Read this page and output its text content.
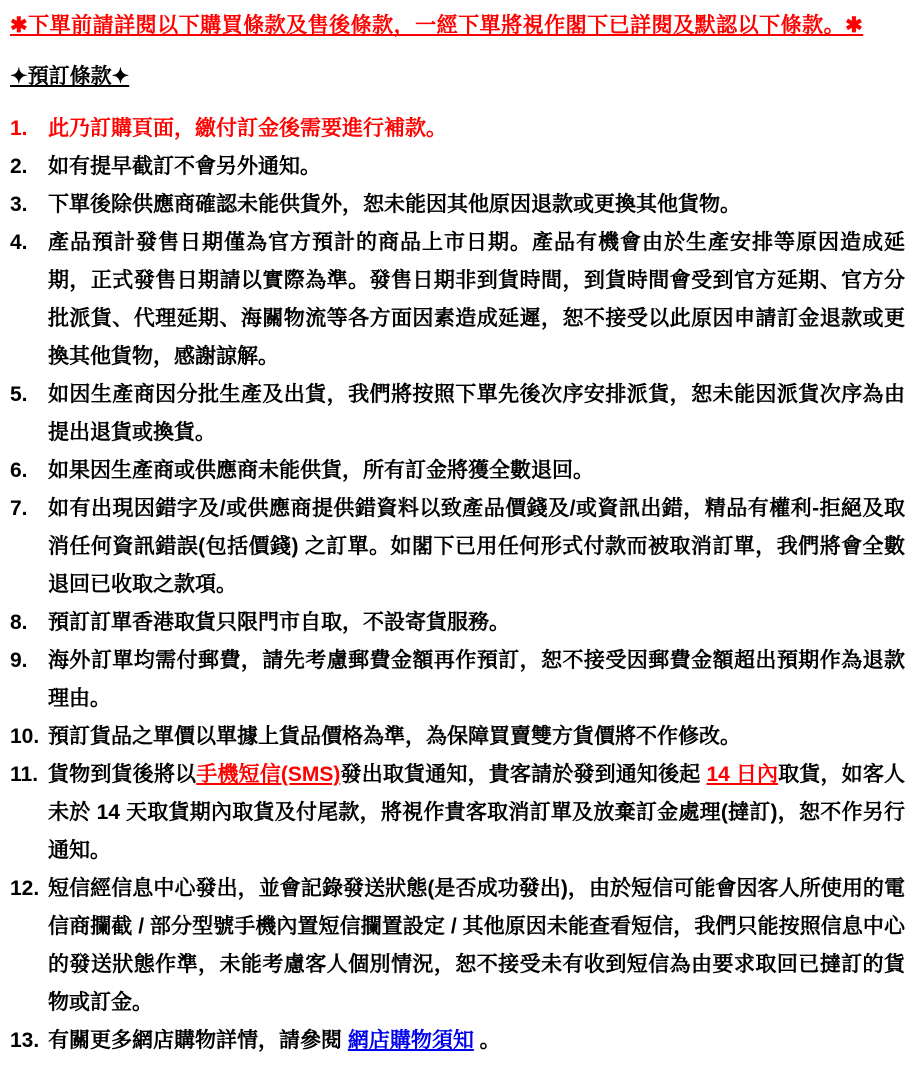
✱下單前請詳閱以下購買條款及售後條款，一經下單將視作閣下已詳閱及默認以下條款。✱

✦預訂條款✦

1. 此乃訂購頁面，繳付訂金後需要進行補款。
2. 如有提早截訂不會另外通知。
3. 下單後除供應商確認未能供貨外，恕未能因其他原因退款或更換其他貨物。
4. 產品預計發售日期僅為官方預計的商品上市日期。產品有機會由於生產安排等原因造成延期，正式發售日期請以實際為準。發售日期非到貨時間，到貨時間會受到官方延期、官方分批派貨、代理延期、海關物流等各方面因素造成延遲，恕不接受以此原因申請訂金退款或更換其他貨物，感謝諒解。
5. 如因生產商因分批生產及出貨，我們將按照下單先後次序安排派貨，恕未能因派貨次序為由提出退貨或換貨。
6. 如果因生產商或供應商未能供貨，所有訂金將獲全數退回。
7. 如有出現因錯字及/或供應商提供錯資料以致產品價錢及/或資訊出錯，精品有權利-拒絕及取消任何資訊錯誤(包括價錢) 之訂單。如閣下已用任何形式付款而被取消訂單，我們將會全數退回已收取之款項。
8. 預訂訂單香港取貨只限門市自取，不設寄貨服務。
9. 海外訂單均需付郵費，請先考慮郵費金額再作預訂，恕不接受因郵費金額超出預期作為退款理由。
10. 預訂貨品之單價以單據上貨品價格為準，為保障買賣雙方貨價將不作修改。
11. 貨物到貨後將以手機短信(SMS)發出取貨通知，貴客請於發到通知後起 14 日內取貨，如客人未於 14 天取貨期內取貨及付尾款，將視作貴客取消訂單及放棄訂金處理(撻訂)，恕不作另行通知。
12. 短信經信息中心發出，並會記錄發送狀態(是否成功發出)，由於短信可能會因客人所使用的電信商攔截 / 部分型號手機內置短信攔置設定 / 其他原因未能查看短信，我們只能按照信息中心的發送狀態作準，未能考慮客人個別情況，恕不接受未有收到短信為由要求取回已撻訂的貨物或訂金。
13. 有關更多網店購物詳情，請參閱 網店購物須知 。
